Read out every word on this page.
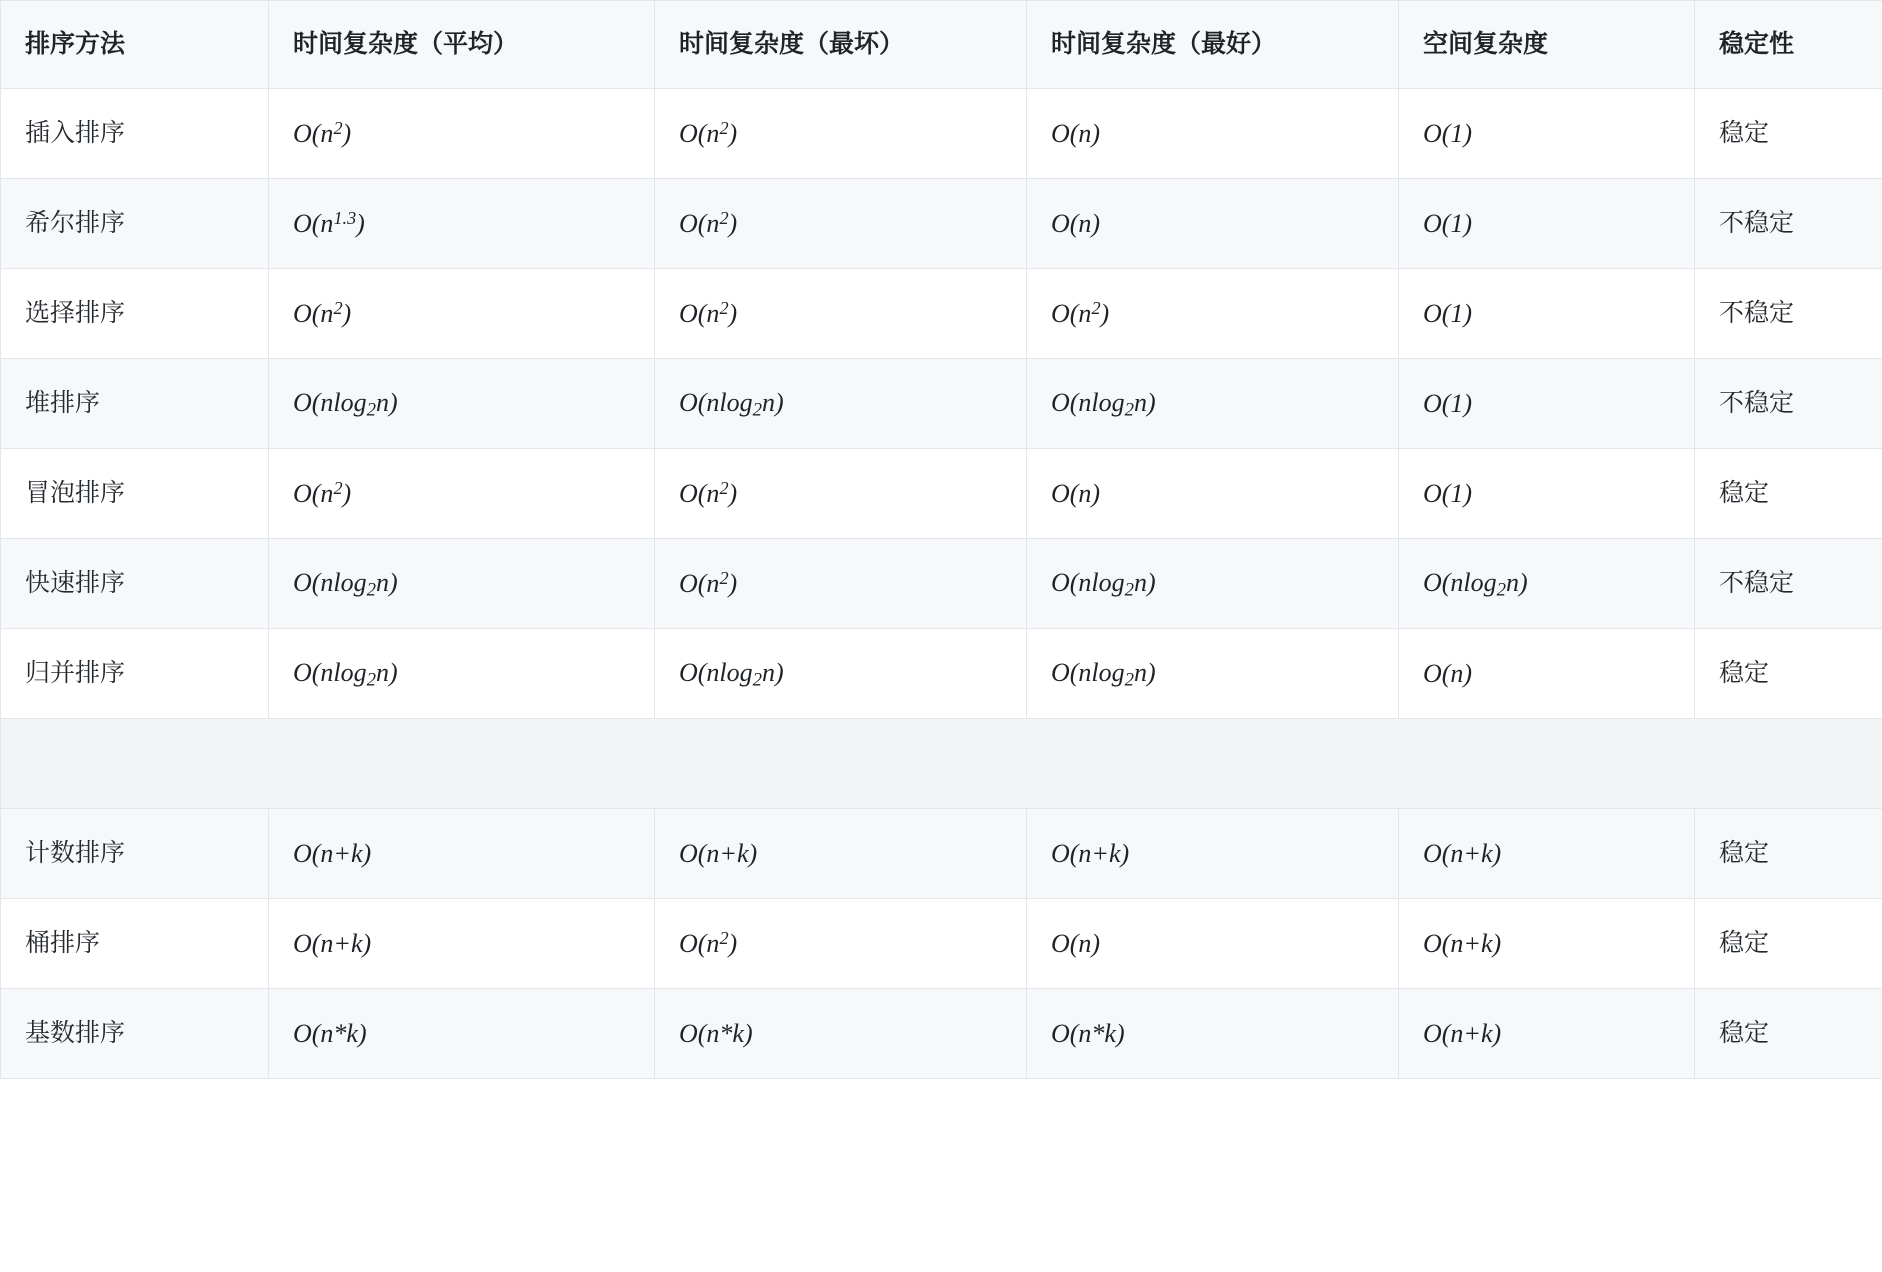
排序方法	时间复杂度（平均）	时间复杂度（最坏）	时间复杂度（最好）	空间复杂度	稳定性
插入排序	$O(n^2)$	$O(n^2)$	O(n)	O(1)	稳定
希尔排序	$O(n^{1.3})$	$O(n^2)$	O(n)	O(1)	不稳定
选择排序	$O(n^2)$	$O(n^2)$	$O(n^2)$	O(1)	不稳定
堆排序	O(nlog$_2$n)	O(nlog$_2$n)	O(nlog$_2$n)	O(1)	不稳定
冒泡排序	$O(n^2)$	$O(n^2)$	O(n)	O(1)	稳定
快速排序	O(nlog$_2$n)	$O(n^2)$	O(nlog$_2$n)	O(nlog$_2$n)	不稳定
归并排序	O(nlog$_2$n)	O(nlog$_2$n)	O(nlog$_2$n)	O(n)	稳定

计数排序	O(n+k)	O(n+k)	O(n+k)	O(n+k)	稳定
桶排序	O(n+k)	$O(n^2)$	O(n)	O(n+k)	稳定
基数排序	O(n*k)	O(n*k)	O(n*k)	O(n+k)	稳定
